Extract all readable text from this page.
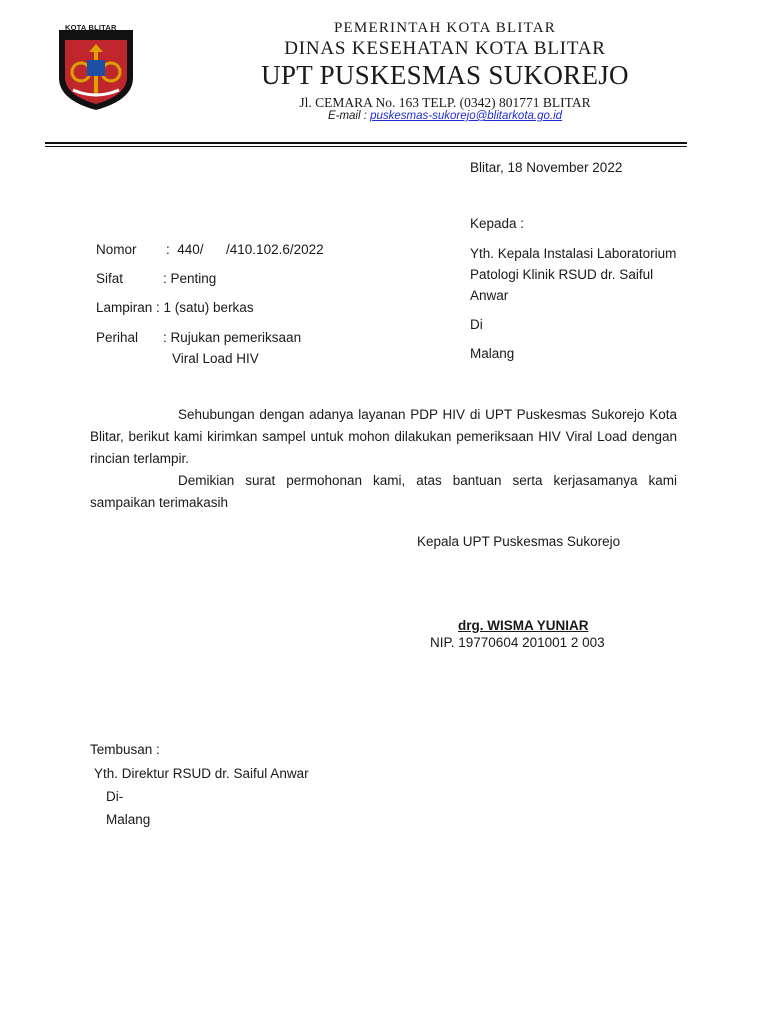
KOTA BLITAR	PEMERINTAH KOTA BLITAR
DINAS KESEHATAN KOTA BLITAR
UPT PUSKESMAS SUKOREJO
Jl. CEMARA No. 163 TELP. (0342) 801771 BLITAR
E-mail : puskesmas-sukorejo@blitarkota.go.id
Blitar, 18 November 2022
Kepada :
Yth. Kepala Instalasi Laboratorium
Patologi Klinik RSUD dr. Saiful
Anwar
Di
Malang
Nomor :  440/      /410.102.6/2022
Sifat	: Penting
Lampiran : 1 (satu) berkas
Perihal : Rujukan pemeriksaan
Viral Load HIV
Sehubungan dengan adanya layanan PDP HIV di UPT Puskesmas Sukorejo Kota Blitar, berikut kami kirimkan sampel untuk mohon dilakukan pemeriksaan HIV Viral Load dengan rincian terlampir.
Demikian surat permohonan kami, atas bantuan serta kerjasamanya kami sampaikan terimakasih
Kepala UPT Puskesmas Sukorejo
drg. WISMA YUNIAR
NIP. 19770604 201001 2 003
Tembusan :
Yth. Direktur RSUD dr. Saiful Anwar
Di-
Malang
